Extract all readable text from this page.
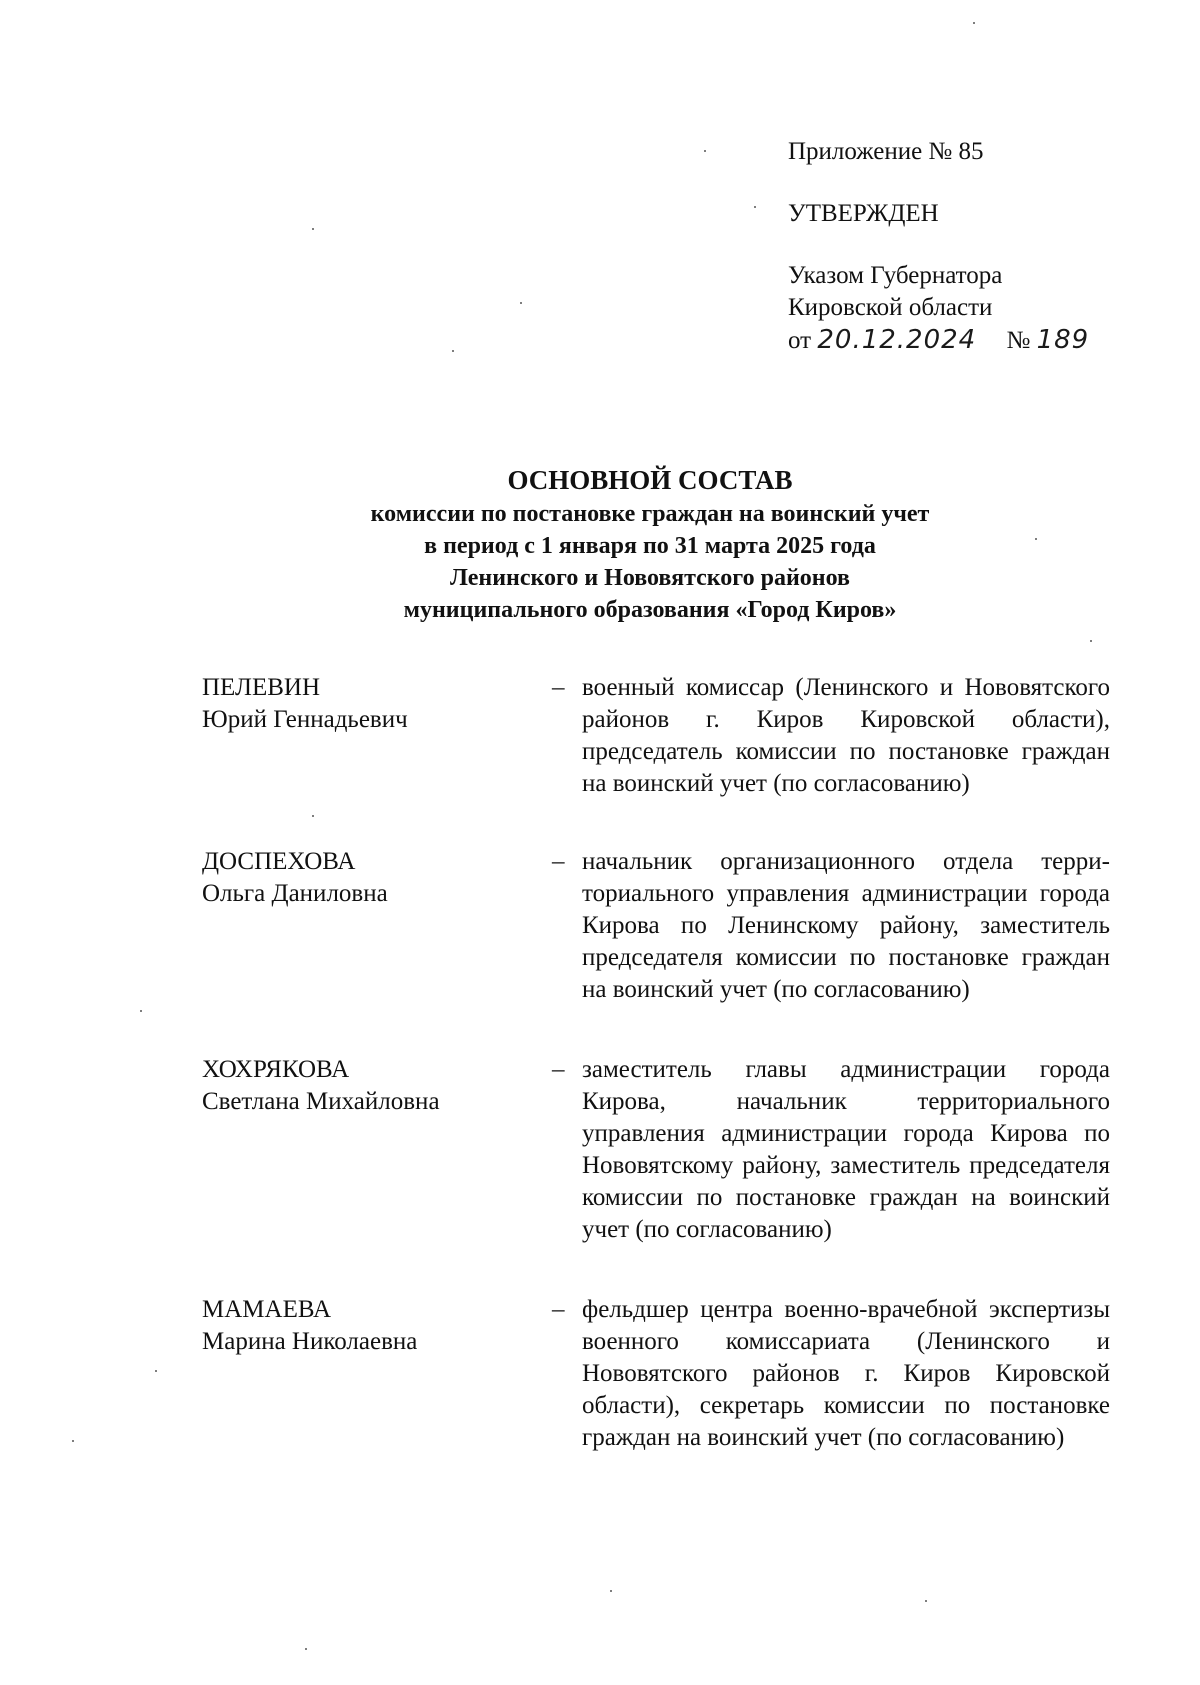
Приложение № 85
УТВЕРЖДЕН
Указом Губернатора
Кировской области
от 20.12.2024 № 189
ОСНОВНОЙ СОСТАВ
комиссии по постановке граждан на воинский учет
в период с 1 января по 31 марта 2025 года
Ленинского и Нововятского районов
муниципального образования «Город Киров»
ПЕЛЕВИН
Юрий Геннадьевич
– военный комиссар (Ленинского и Нововятского районов г. Киров Кировской области), председатель комиссии по постановке граждан на воинский учет (по согласованию)
ДОСПЕХОВА
Ольга Даниловна
– начальник организационного отдела территориального управления администрации города Кирова по Ленинскому району, заместитель председателя комиссии по постановке граждан на воинский учет (по согласованию)
ХОХРЯКОВА
Светлана Михайловна
– заместитель главы администрации города Кирова, начальник территориального управления администрации города Кирова по Нововятскому району, заместитель председателя комиссии по постановке граждан на воинский учет (по согласованию)
МАМАЕВА
Марина Николаевна
– фельдшер центра военно-врачебной экспертизы военного комиссариата (Ленинского и Нововятского районов г. Киров Кировской области), секретарь комиссии по постановке граждан на воинский учет (по согласованию)
